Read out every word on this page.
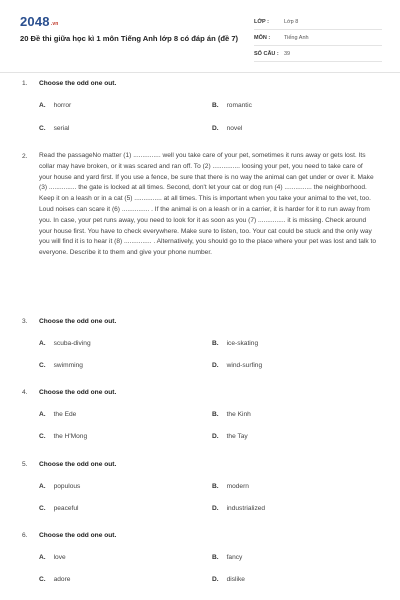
2048.vn
20 Đề thi giữa học kì 1 môn Tiếng Anh lớp 8 có đáp án (đề 7)
LỚP :	Lớp 8
MÔN :	Tiếng Anh
SỐ CÂU : 39
1. Choose the odd one out.
A. horror	B. romantic
C. serial	D. novel
2. Read the passageNo matter (1) ............... well you take care of your pet, sometimes it runs away or gets lost. Its collar may have broken, or it was scared and ran off. To (2) ............... loosing your pet, you need to take care of your house and yard first. If you use a fence, be sure that there is no way the animal can get under or over it. Make (3) ............... the gate is locked at all times. Second, don't let your cat or dog run (4) ............... the neighborhood. Keep it on a leash or in a cat (5) ............... at all times. This is important when you take your animal to the vet, too. Loud noises can scare it (6) ............... . If the animal is on a leash or in a carrier, it is harder for it to run away from you. In case, your pet runs away, you need to look for it as soon as you (7) ............... it is missing. Check around your house first. You have to check everywhere. Make sure to listen, too. Your cat could be stuck and the only way you will find it is to hear it (8) ............... . Alternatively, you should go to the place where your pet was lost and talk to everyone. Describe it to them and give your phone number.
3. Choose the odd one out.
A. scuba-diving	B. ice-skating
C. swimming	D. wind-surfing
4. Choose the odd one out.
A. the Ede	B. the Kinh
C. the H'Mong	D. the Tay
5. Choose the odd one out.
A. populous	B. modern
C. peaceful	D. industrialized
6. Choose the odd one out.
A. love	B. fancy
C. adore	D. dislike
